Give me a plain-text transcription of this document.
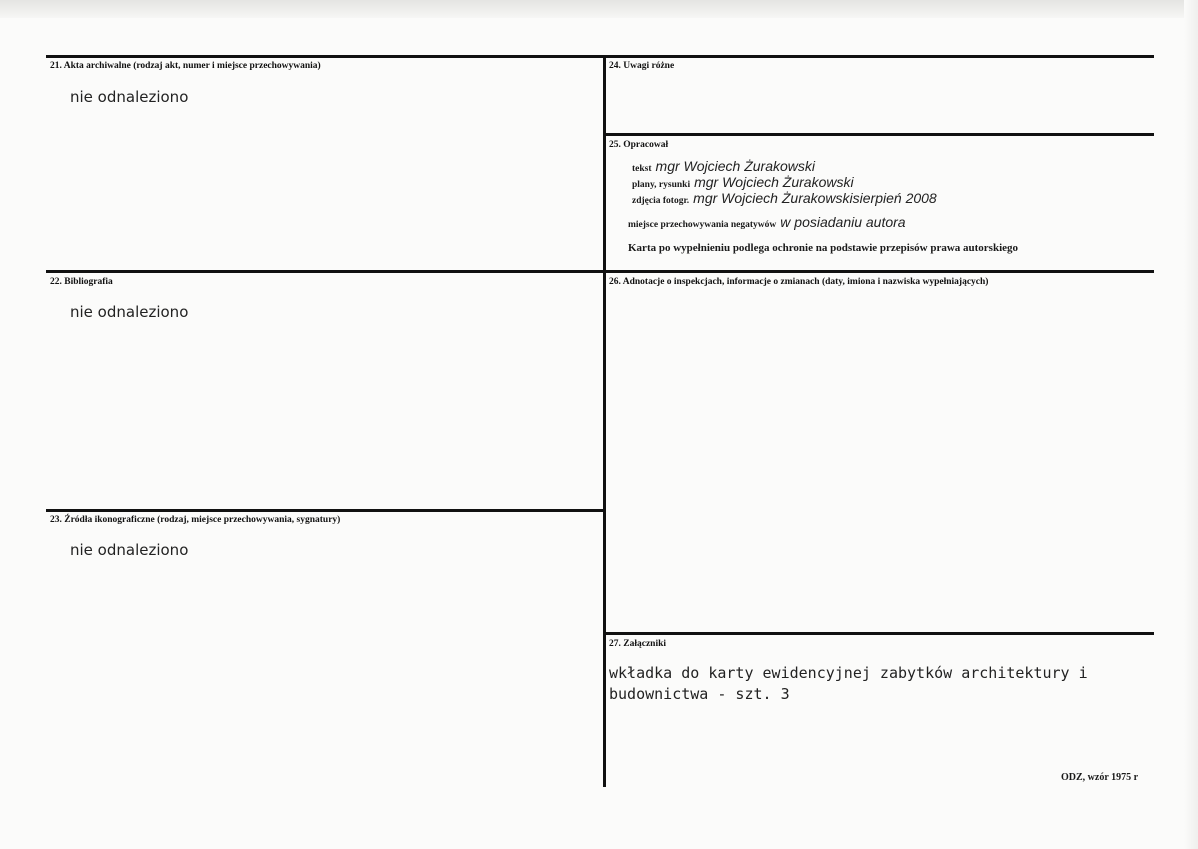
21. Akta archiwalne (rodzaj akt, numer i miejsce przechowywania)
nie odnaleziono
22. Bibliografia
nie odnaleziono
23. Źródła ikonograficzne (rodzaj, miejsce przechowywania, sygnatury)
nie odnaleziono
24. Uwagi różne
25. Opracował
tekst mgr Wojciech Żurakowski
plany, rysunki mgr Wojciech Żurakowski
zdjęcia fotogr. mgr Wojciech Żurakowskisierpień 2008
miejsce przechowywania negatywów w posiadaniu autora
Karta po wypełnieniu podlega ochronie na podstawie przepisów prawa autorskiego
26. Adnotacje o inspekcjach, informacje o zmianach (daty, imiona i nazwiska wypełniających)
27. Załączniki
wkładka do karty ewidencyjnej zabytków architektury i budownictwa - szt. 3
ODZ, wzór 1975 r
